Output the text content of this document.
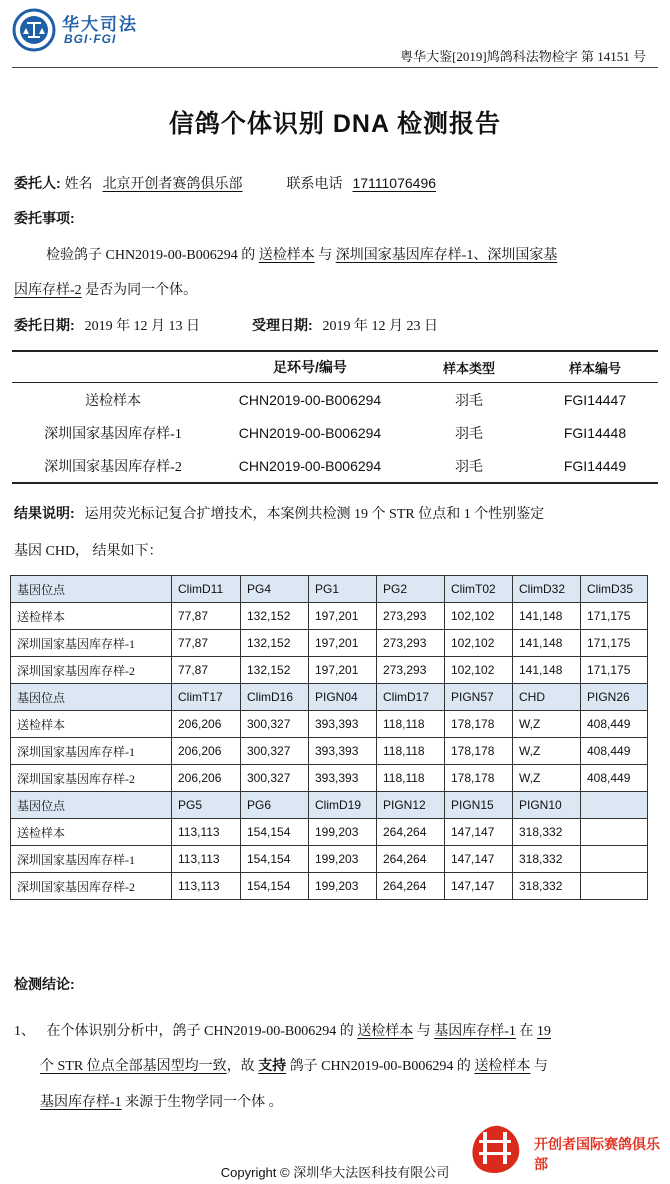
华大司法
BGI·FGI
粤华大鉴[2019]鸠鸽科法物检字 第 14151 号
信鸽个体识别 DNA 检测报告
委托人: 姓名 北京开创者赛鸽俱乐部	联系电话 17111076496
委托事项:
检验鸽子 CHN2019-00-B006294 的 送检样本 与 深圳国家基因库存样-1、深圳国家基
因库存样-2 是否为同一个体。
委托日期: 2019 年 12 月 13 日	受理日期: 2019 年 12 月 23 日
	足环号/编号	样本类型	样本编号
送检样本	CHN2019-00-B006294	羽毛	FGI14447
深圳国家基因库存样-1	CHN2019-00-B006294	羽毛	FGI14448
深圳国家基因库存样-2	CHN2019-00-B006294	羽毛	FGI14449
结果说明: 运用荧光标记复合扩增技术，本案例共检测 19 个 STR 位点和 1 个性别鉴定
基因 CHD， 结果如下：
基因位点	ClimD11	PG4	PG1	PG2	ClimT02	ClimD32	ClimD35
送检样本	77,87	132,152	197,201	273,293	102,102	141,148	171,175
深圳国家基因库存样-1	77,87	132,152	197,201	273,293	102,102	141,148	171,175
深圳国家基因库存样-2	77,87	132,152	197,201	273,293	102,102	141,148	171,175
基因位点	ClimT17	ClimD16	PIGN04	ClimD17	PIGN57	CHD	PIGN26
送检样本	206,206	300,327	393,393	118,118	178,178	W,Z	408,449
深圳国家基因库存样-1	206,206	300,327	393,393	118,118	178,178	W,Z	408,449
深圳国家基因库存样-2	206,206	300,327	393,393	118,118	178,178	W,Z	408,449
基因位点	PG5	PG6	ClimD19	PIGN12	PIGN15	PIGN10	
送检样本	113,113	154,154	199,203	264,264	147,147	318,332	
深圳国家基因库存样-1	113,113	154,154	199,203	264,264	147,147	318,332	
深圳国家基因库存样-2	113,113	154,154	199,203	264,264	147,147	318,332	
检测结论:
1、 在个体识别分析中，鸽子 CHN2019-00-B006294 的 送检样本 与 基因库存样-1 在 19
个 STR 位点全部基因型均一致，故 支持 鸽子 CHN2019-00-B006294 的 送检样本 与
基因库存样-1 来源于生物学同一个体 。
开创者国际赛鸽俱乐部
Copyright © 深圳华大法医科技有限公司
